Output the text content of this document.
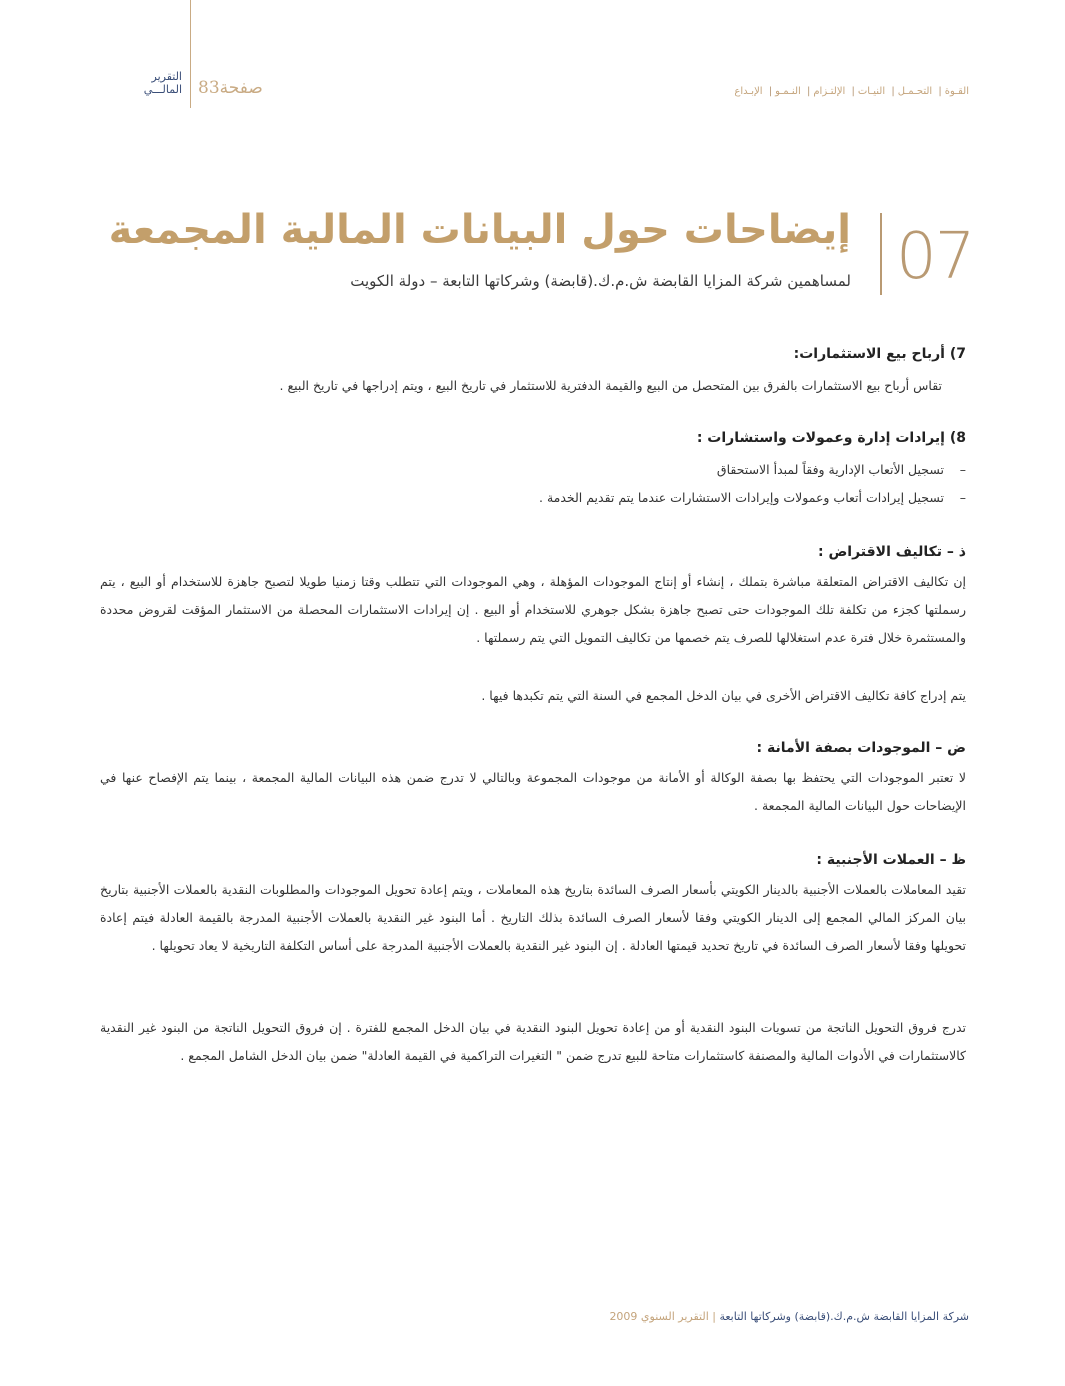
التقرير
المالـــي صفحة83	القـوة| التحـمـل| النيـات| الإلتـزام| النـمـو| الإبـداع
07
إيضاحات حول البيانات المالية المجمعة
لمساهمين شركة المزايا القابضة ش.م.ك.(قابضة) وشركاتها التابعة – دولة الكويت
7) أرباح بيع الاستثمارات:
تقاس أرباح بيع الاستثمارات بالفرق بين المتحصل من البيع والقيمة الدفترية للاستثمار في تاريخ البيع ، ويتم إدراجها في تاريخ البيع .
8) إيرادات إدارة وعمولات واستشارات :
–تسجيل الأتعاب الإدارية وفقاً لمبدأ الاستحقاق
–تسجيل إيرادات أتعاب وعمولات وإيرادات الاستشارات عندما يتم تقديم الخدمة .
ذ – تكاليف الاقتراض :
إن تكاليف الاقتراض المتعلقة مباشرة بتملك ، إنشاء أو إنتاج الموجودات المؤهلة ، وهي الموجودات التي تتطلب وقتا زمنيا طويلا لتصبح جاهزة للاستخدام أو البيع ، يتم رسملتها كجزء من تكلفة تلك الموجودات حتى تصبح جاهزة بشكل جوهري للاستخدام أو البيع . إن إيرادات الاستثمارات المحصلة من الاستثمار المؤقت لقروض محددة والمستثمرة خلال فترة عدم استغلالها للصرف يتم خصمها من تكاليف التمويل التي يتم رسملتها .
يتم إدراج كافة تكاليف الاقتراض الأخرى في بيان الدخل المجمع في السنة التي يتم تكبدها فيها .
ض – الموجودات بصفة الأمانة :
لا تعتبر الموجودات التي يحتفظ بها بصفة الوكالة أو الأمانة من موجودات المجموعة وبالتالي لا تدرج ضمن هذه البيانات المالية المجمعة ، بينما يتم الإفصاح عنها في الإيضاحات حول البيانات المالية المجمعة .
ظ – العملات الأجنبية :
تقيد المعاملات بالعملات الأجنبية بالدينار الكويتي بأسعار الصرف السائدة بتاريخ هذه المعاملات ، ويتم إعادة تحويل الموجودات والمطلوبات النقدية بالعملات الأجنبية بتاريخ بيان المركز المالي المجمع إلى الدينار الكويتي وفقا لأسعار الصرف السائدة بذلك التاريخ . أما البنود غير النقدية بالعملات الأجنبية المدرجة بالقيمة العادلة فيتم إعادة تحويلها وفقا لأسعار الصرف السائدة في تاريخ تحديد قيمتها العادلة . إن البنود غير النقدية بالعملات الأجنبية المدرجة على أساس التكلفة التاريخية لا يعاد تحويلها .
تدرج فروق التحويل الناتجة من تسويات البنود النقدية أو من إعادة تحويل البنود النقدية في بيان الدخل المجمع للفترة . إن فروق التحويل الناتجة من البنود غير النقدية كالاستثمارات في الأدوات المالية والمصنفة كاستثمارات متاحة للبيع تدرج ضمن " التغيرات التراكمية في القيمة العادلة" ضمن بيان الدخل الشامل المجمع .
شركة المزايا القابضة ش.م.ك.(قابضة) وشركاتها التابعة | التقرير السنوي 2009
